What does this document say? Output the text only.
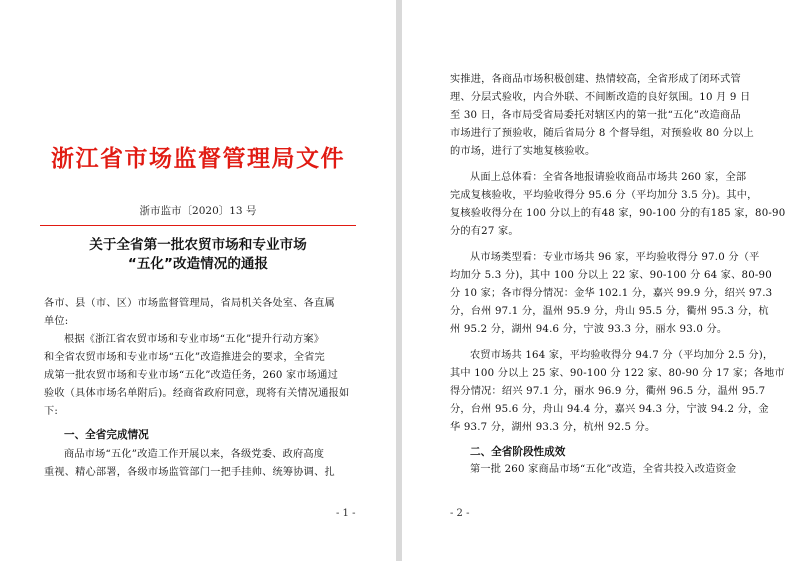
浙江省市场监督管理局文件
浙市监市〔2020〕13 号
关于全省第一批农贸市场和专业市场
“五化”改造情况的通报
各市、县（市、区）市场监督管理局，省局机关各处室、各直属
单位:
根据《浙江省农贸市场和专业市场“五化”提升行动方案》
和全省农贸市场和专业市场“五化”改造推进会的要求，全省完
成第一批农贸市场和专业市场“五化”改造任务，260 家市场通过
验收（具体市场名单附后)。经商省政府同意，现将有关情况通报如
下:
一、全省完成情况
商品市场“五化”改造工作开展以来，各级党委、政府高度
重视、精心部署，各级市场监管部门一把手挂帅、统筹协调、扎
- 1 -
实推进，各商品市场积极创建、热情较高，全省形成了闭环式管
理、分层式验收，内合外联、不间断改造的良好氛围。10 月 9 日
至 30 日，各市局受省局委托对辖区内的第一批“五化”改造商品
市场进行了预验收，随后省局分 8 个督导组，对预验收 80 分以上
的市场，进行了实地复核验收。
从面上总体看：全省各地报请验收商品市场共 260 家，全部
完成复核验收，平均验收得分 95.6 分（平均加分 3.5 分)。其中，
复核验收得分在 100 分以上的有48 家，90-100 分的有185 家，80-90
分的有27 家。
从市场类型看：专业市场共 96 家，平均验收得分 97.0 分（平
均加分 5.3 分)，其中 100 分以上 22 家、90-100 分 64 家、80-90
分 10 家；各市得分情况：金华 102.1 分，嘉兴 99.9 分，绍兴 97.3
分，台州 97.1 分，温州 95.9 分，舟山 95.5 分，衢州 95.3 分，杭
州 95.2 分，湖州 94.6 分，宁波 93.3 分，丽水 93.0 分。
农贸市场共 164 家，平均验收得分 94.7 分（平均加分 2.5 分)，
其中 100 分以上 25 家、90-100 分 122 家、80-90 分 17 家；各地市
得分情况：绍兴 97.1 分，丽水 96.9 分，衢州 96.5 分，温州 95.7
分，台州 95.6 分，舟山 94.4 分，嘉兴 94.3 分，宁波 94.2 分，金
华 93.7 分，湖州 93.3 分，杭州 92.5 分。
二、全省阶段性成效
第一批 260 家商品市场“五化”改造，全省共投入改造资金
- 2 -
